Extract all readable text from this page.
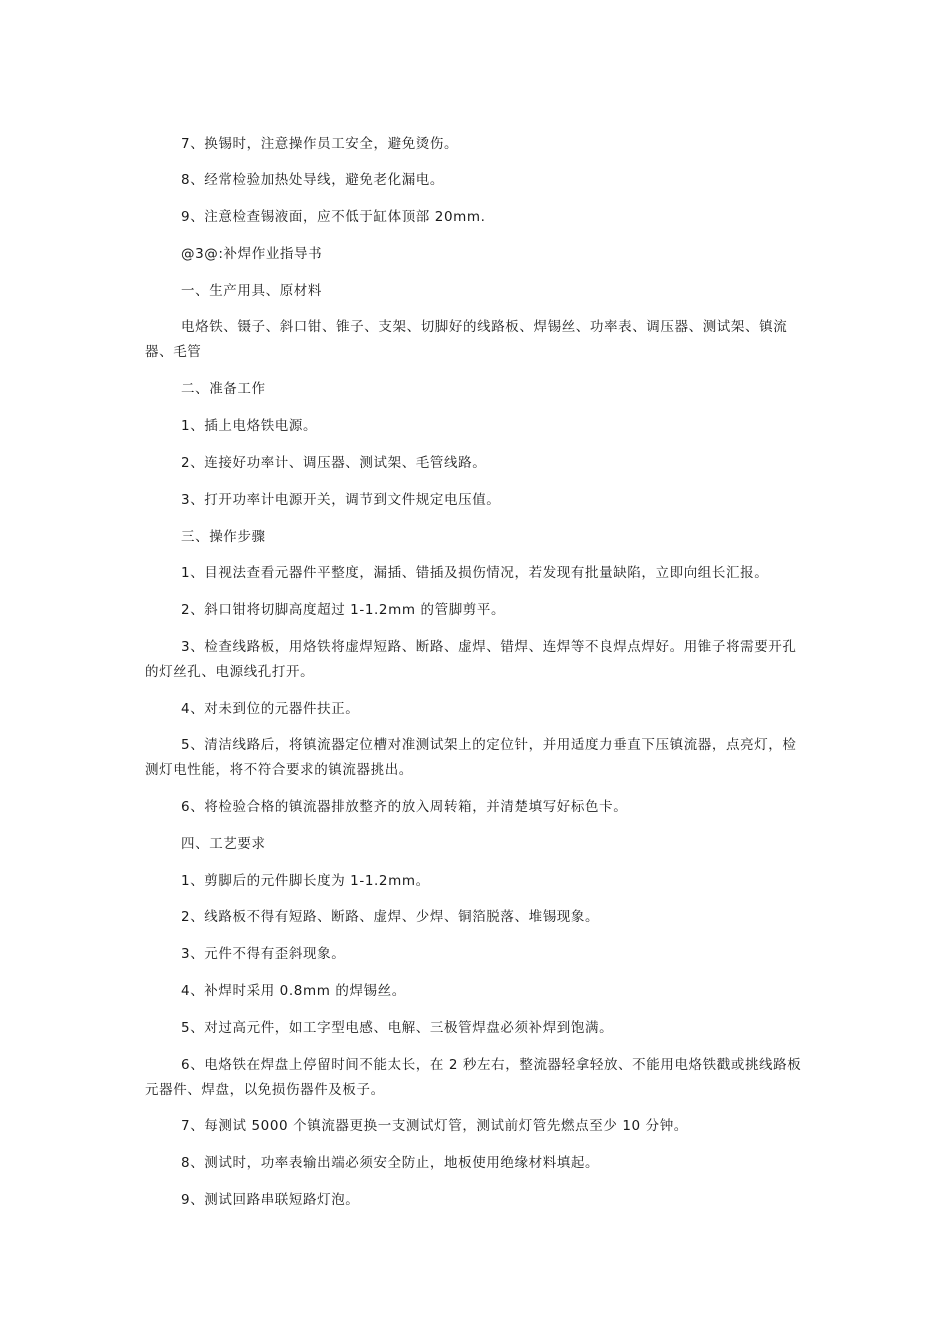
7、换锡时，注意操作员工安全，避免烫伤。

8、经常检验加热处导线，避免老化漏电。

9、注意检查锡液面，应不低于缸体顶部 20mm.

@3@:补焊作业指导书

一、生产用具、原材料

电烙铁、镊子、斜口钳、锥子、支架、切脚好的线路板、焊锡丝、功率表、调压器、测试架、镇流器、毛管

二、准备工作

1、插上电烙铁电源。

2、连接好功率计、调压器、测试架、毛管线路。

3、打开功率计电源开关，调节到文件规定电压值。

三、操作步骤

1、目视法查看元器件平整度，漏插、错插及损伤情况，若发现有批量缺陷，立即向组长汇报。

2、斜口钳将切脚高度超过 1-1.2mm 的管脚剪平。

3、检查线路板，用烙铁将虚焊短路、断路、虚焊、错焊、连焊等不良焊点焊好。用锥子将需要开孔的灯丝孔、电源线孔打开。

4、对未到位的元器件扶正。

5、清洁线路后，将镇流器定位槽对准测试架上的定位针，并用适度力垂直下压镇流器，点亮灯，检测灯电性能，将不符合要求的镇流器挑出。

6、将检验合格的镇流器排放整齐的放入周转箱，并清楚填写好标色卡。

四、工艺要求

1、剪脚后的元件脚长度为 1-1.2mm。

2、线路板不得有短路、断路、虚焊、少焊、铜箔脱落、堆锡现象。

3、元件不得有歪斜现象。

4、补焊时采用 0.8mm 的焊锡丝。

5、对过高元件，如工字型电感、电解、三极管焊盘必须补焊到饱满。

6、电烙铁在焊盘上停留时间不能太长，在 2 秒左右，整流器轻拿轻放、不能用电烙铁戳或挑线路板元器件、焊盘，以免损伤器件及板子。

7、每测试 5000 个镇流器更换一支测试灯管，测试前灯管先燃点至少 10 分钟。

8、测试时，功率表输出端必须安全防止，地板使用绝缘材料填起。

9、测试回路串联短路灯泡。
